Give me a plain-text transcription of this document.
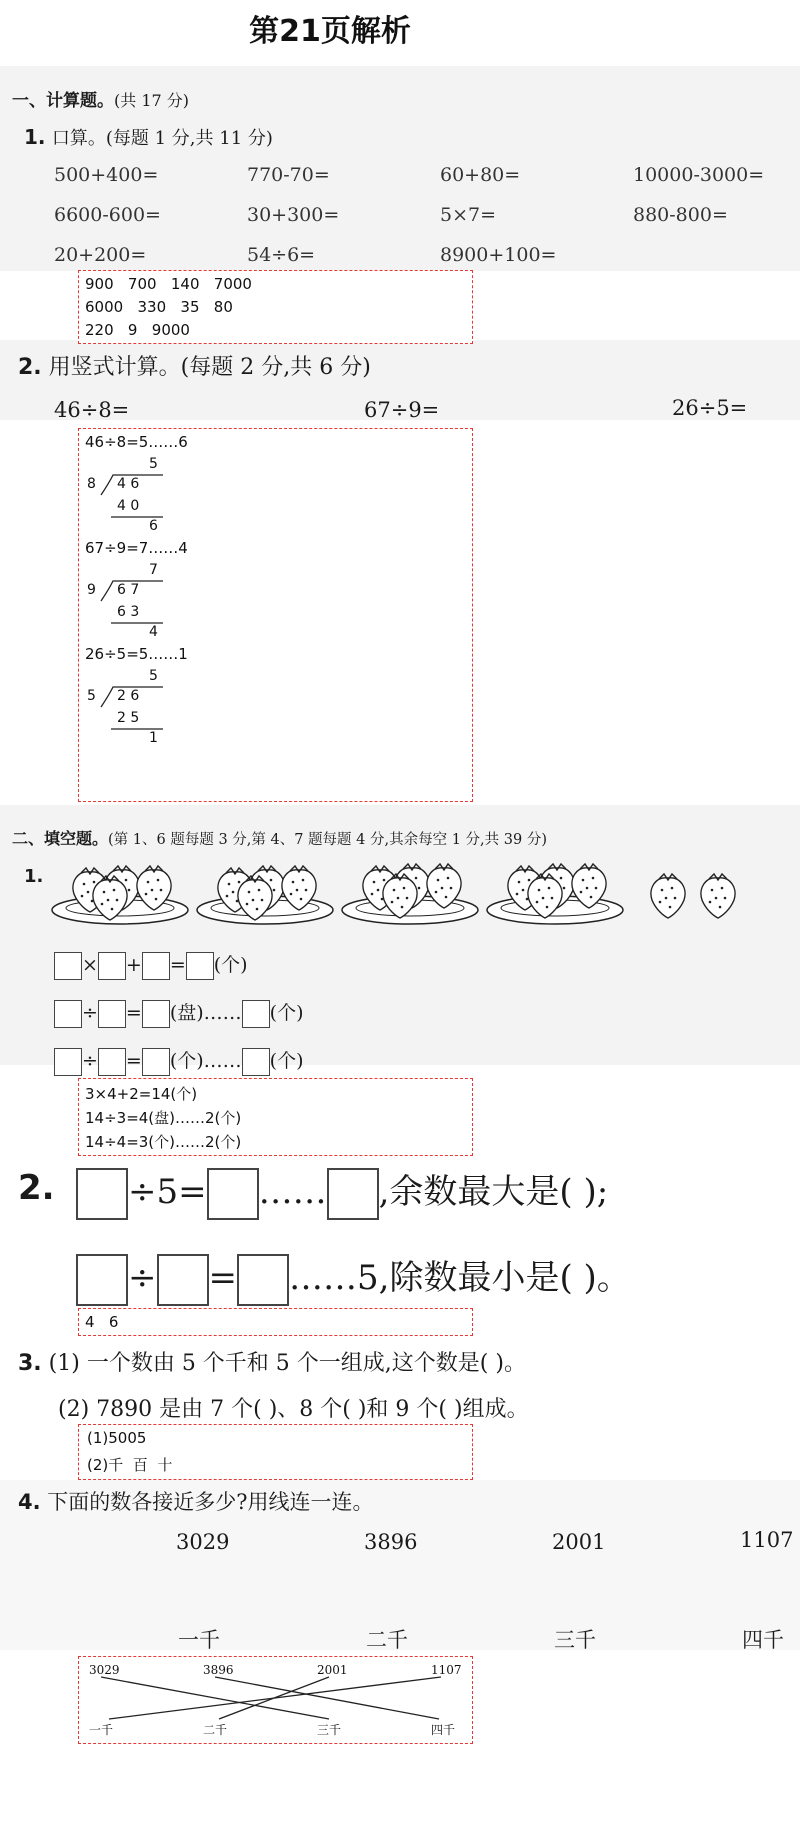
第21页解析
一、计算题。(共 17 分)
1. 口算。(每题 1 分,共 11 分)
500+400=	770-70=	60+80=	10000-3000=
6600-600=	30+300=	5×7=	880-800=
20+200=	54÷6=	8900+100=
900   700   140   7000
6000   330   35   80
220   9   9000
2. 用竖式计算。(每题 2 分,共 6 分)
46÷8=	67÷9=	26÷5=
46÷8=5……6
5
8 4 6
4 0
6
67÷9=7……4
7
9 6 7
6 3
4
26÷5=5……1
5
5 2 6
2 5
1
二、填空题。(第 1、6 题每题 3 分,第 4、7 题每题 4 分,其余每空 1 分,共 39 分)
1.
× + = (个)
÷ = (盘)…… (个)
÷ = (个)…… (个)
3×4+2=14(个)
14÷3=4(盘)……2(个)
14÷4=3(个)……2(个)
2.	÷5= …… ,余数最大是( );
÷ = ……5,除数最小是( )。
4   6
3. (1) 一个数由 5 个千和 5 个一组成,这个数是( )。
(2) 7890 是由 7 个( )、8 个( )和 9 个( )组成。
(1)5005
(2)千  百  十
4. 下面的数各接近多少?用线连一连。
3029	3896	2001	1107
一千	二千	三千	四千
3029	3896	2001	1107
一千	二千	三千	四千
